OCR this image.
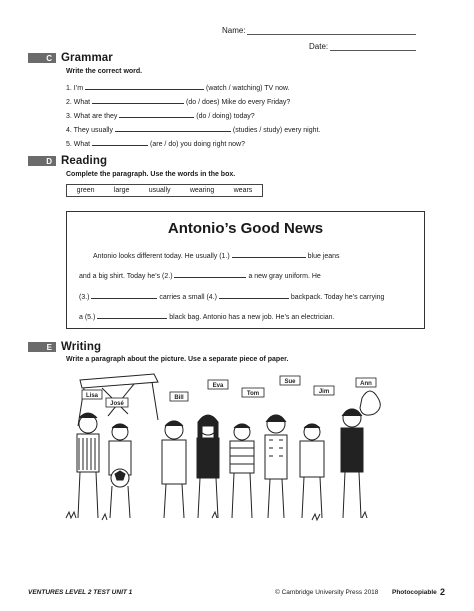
Name:
Date:
C Grammar
Write the correct word.
1. I’m	(watch / watching) TV now.
2. What	(do / does) Mike do every Friday?
3. What are they	(do / doing) today?
4. They usually	(studies / study) every night.
5. What	(are / do) you doing right now?
D Reading
Complete the paragraph. Use the words in the box.
green	large	usually	wearing	wears
Antonio’s Good News
Antonio looks different today. He usually (1.)	blue jeans
and a big shirt. Today he’s (2.)	a new gray uniform. He
(3.)	carries a small (4.)	backpack. Today he’s carrying
a (5.)	black bag. Antonio has a new job. He’s an electrician.
E Writing
Write a paragraph about the picture. Use a separate piece of paper.
Lisa
José
Bill
Eva
Tom
Sue
Jim
Ann
VENTURES LEVEL 2 TEST UNIT 1	© Cambridge University Press 2018 Photocopiable 2
